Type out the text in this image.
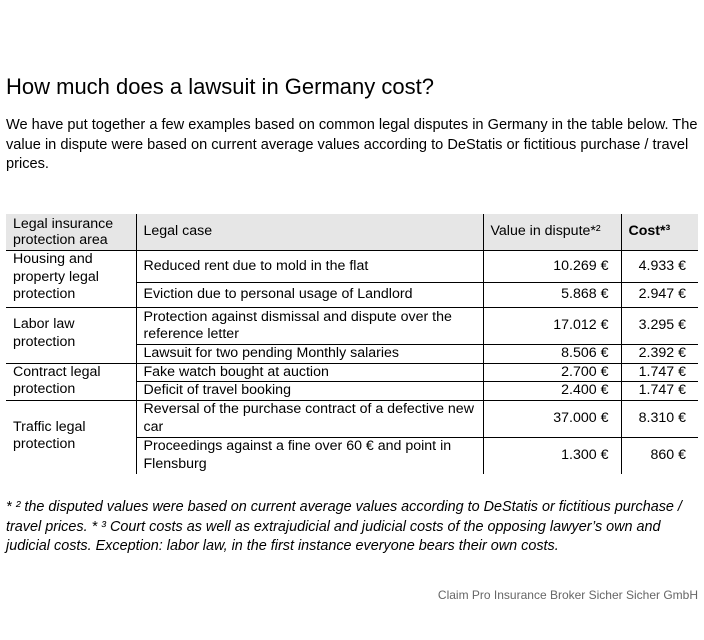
How much does a lawsuit in Germany cost?
We have put together a few examples based on common legal disputes in Germany in the table below. The value in dispute were based on current average values according to DeStatis or fictitious purchase / travel prices.
Legal insurance protection area	Legal case	Value in dispute*²	Cost*³
Housing and property legal protection	Reduced rent due to mold in the flat	10.269 €	4.933 €
	Eviction due to personal usage of Landlord	5.868 €	2.947 €
Labor law protection	Protection against dismissal and dispute over the reference letter	17.012 €	3.295 €
	Lawsuit for two pending Monthly salaries	8.506 €	2.392 €
Contract legal protection	Fake watch bought at auction	2.700 €	1.747 €
	Deficit of travel booking	2.400 €	1.747 €
Traffic legal protection	Reversal of the purchase contract of a defective new car	37.000 €	8.310 €
	Proceedings against a fine over 60 € and point in Flensburg	1.300 €	860 €
* ² the disputed values were based on current average values according to DeStatis or fictitious purchase / travel prices. * ³ Court costs as well as extrajudicial and judicial costs of the opposing lawyer’s own and judicial costs. Exception: labor law, in the first instance everyone bears their own costs.
Claim Pro Insurance Broker Sicher Sicher GmbH
